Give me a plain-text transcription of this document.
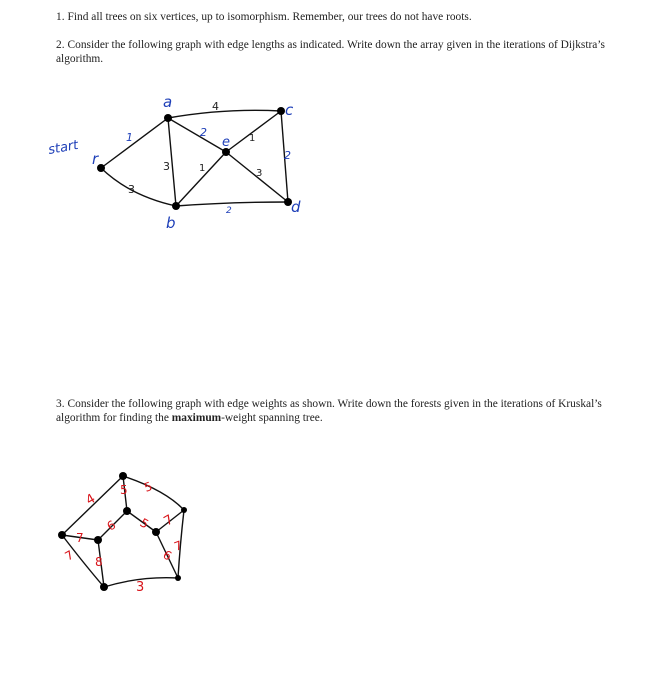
1. Find all trees on six vertices, up to isomorphism. Remember, our trees do not have roots.

2. Consider the following graph with edge lengths as indicated. Write down the array given in the iterations of Dijkstra’s algorithm.

3. Consider the following graph with edge weights as shown. Write down the forests given in the iterations of Kruskal’s algorithm for finding the maximum-weight spanning tree.

start
r
a
b
c
e
d
1
3
4
3
2	1
1	3
2
2
4
5 5
6 5 7
7
7 8	6
7
3
